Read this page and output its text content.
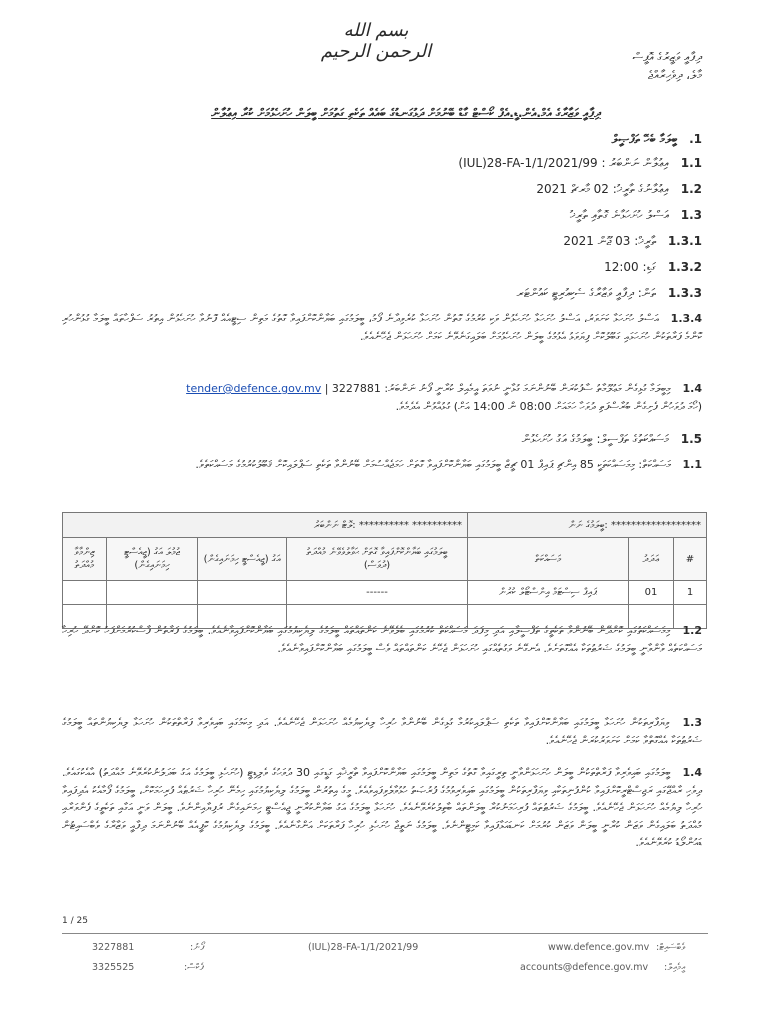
بسم الله الرحمن الرحيم	ދިފާއީ ވަޒީރުގެ އޮފީސް
މާލެ، ދިވެހިރާއްޖެ
ދިފާއީ ވަޒާރާގެ އެމް.އެން.ޑީ.އެފް ކޯސްޓް ގާޑް ބޭނުމަށް ދަޅުގަނޑުގެ ބައެއް ތަކެތި ގަތުމަށް ބީލަން ހުށަހެޅުމަށް ކުރާ އިޢުލާން
1. ބީލަމާ ބެހޭ ތަފްޞީލް
1.1 އިޢުލާން ނަންބަރު : (IUL)28-FA-1/1/2021/99
1.2 އިޢުލާނުގެ ތާރީޚު: 02 މާރޗް 2021
1.3 އަސްލު ހުށަހަޅާނެ ގޮތާއި ތާރީޚު
1.3.1 ތާރީޚް: 03 ޖޫން 2021
1.3.2 ގަޑި: 12:00
1.3.3 ތަން: ދިފާއީ ވަޒާރާގެ ސެކިއުރިޓީ ކައުންޓަރ
1.3.4 އަސްލު ހުށަހަޅާ ކަށަވަރު، އަސްލު ހުށަހަޅާ ހުށަހެޅުން ވަކި ކުރުމުގެ ގޮތުން ހުށަހަޅާ ކުރެވިދާނެ ފޯމު، ބީލަމުގައި ބަޔާންކޮށްފައިވާ ގޮތުގެ މަތިން ސިޓީއެއް ފޮނުވާ ހުށަހެޅުން އިތުރު ސަފްހާތައް ބީލަމާ ގުޅުންހުރި ކޮންމެ ފަރާތަކުން ހުށަހަޅައި ގަބޫލުކޮށް ފިޔަވަޅު އެޅުމުގެ ބީލަން ހުށަހެޅުމަށް ބަލައިގަނެވޭނެ ކަމަށް ހުށަހަޅަން ޖެހޭނެއެވެ.
1.4 މިބީލަމާ ގުޅިގެން މަޢުލޫމާތު ސާފުކުރަން ބޭނުންނަމަ ގުޅާނީ ނުވަތަ އީމެއިލް ކުރާނީ ފޯނު ނަންބަރު: 3227881 | tender@defence.gov.mv
(ހޯމަ ދުވަހުން ފެށިގެން ބުރާސްފަތި ދުވަހާ ހަމައަށް 08:00 ން 14:00 އަށް) ގުޅުއްވުން އެދެމެވެ.
1.5 މަސައްކަތުގެ ތަފްސީލް: ބީލަމުގެ އަގު ހުށަހެޅުން
1.1 މަސައްކަތް: މިމަސައްކަތަކީ 85 އިންޗި ޕައިޕް 01 ޗީޒް ބީލަމުގައި ބަޔާންކޮށްފައިވާ ގޮތަށް ހަމަޖެއްސުމަށް ބޭނުންވާ ތަކެތި ސަޕްލައިކޮށް ޤަބޫލުކުރުމުގެ މަސައްކަތެވެ.
****************** :ބީލަމުގެ ނަން			********** ********** :ލޮޓް ނަންބަރު			
#	ޢަދަދު	މަސައްކަތް	ބީލަމުގައި ބަޔާންކޮށްފައިވާ ގޮތަށް ޙަވާލުވެވޭނެ މުއްދަތު (ދުވަސް)	އަގު (ޖީއެސްޓީ ހިމަނައިގެން)	ޖުމުލަ އަގު (ޖީއެސްޓީ ހިމަނައިގެން)	ޒިންމާވާ މުއްދަތު
1	01	ޕައިޕް ސިސްޓަމް އިންސްޓޯލް ކުރުން	------			

1.2 މިމަސައްކަތުގައި ކޮށްދޭން ބޭނުންވާ ތަކެތީގެ ތަފްސީލާއި އަދި މިފަދަ މަސައްކަތް ކުރުމުގައި ބެލެވޭނެ ކަންތައްތައް ބީލަމުގެ ލިޔެކިޔުމުގައި ބަޔާންކޮށްފައިވާނެއެވެ. ބީލަމުގެ ފަރާތުން ފާސްކުރުމަށްފަހު ކޮށްދޭ ހުރިހާ މަސައްކަތެއް ވާންވާނީ ބީލަމުގެ ޝަރުޠުތަކާ އެއްގޮތަށެވެ. އެނގޭނެ ވަގުތެއްގައި ހުށަހަޅަން ޖެހޭނެ ކަންތައްތައް ވެސް ބީލަމުގައި ބަޔާންކޮށްފައިވާނެއެވެ.
1.3 ވިޔަފާރިތަކުން ހުށަހަޅާ ބީލަމުގައި ބަޔާންކޮށްފައިވާ ތަކެތި ސަޕްލައިކުރުމާ ގުޅިގެން ބޭނުންވާ ހުރިހާ ލިޔެކިޔުމެއް ހުށަހަޅަން ޖެހޭނެއެވެ. އަދި މިކަމުގައި ބައިވެރިވާ ފަރާތްތަކުން ހުށަހަޅާ ލިޔެކިޔުންތައް ބީލަމުގެ ޝަރުޠުތަކާ އެއްގޮތްވާ ކަމަށް ކަށަވަރުކުރަން ޖެހޭނެއެވެ.
1.4 ބީލަމުގައި ބައިވެރިވާ ފަރާތްތަކުން ބީލަން ހުށަހަޅަންވާނީ ތިރީގައިވާ ގޮތުގެ މަތިން ބީލަމުގައި ބަޔާންކޮށްފައިވާ ތާރީޚާއި ގަޑީގައި 30 ދުވަހުގެ ވެލިޑިޓީ (ހުށަހެޅި ބީލަމުގެ އަގު ބަދަލުނުކުރެވޭނެ މުއްދަތު) އާއެކުގައެވެ. ދިވެހި ރާއްޖޭގައި ރަޖިސްޓްރީކޮށްފައިވާ ކުންފުނިތަކާއި ވިޔަފާރިތަކުން ބީލަމުގައި ބައިވެރިވުމުގެ ފުރުޞަތު ހުޅުވާލެވިފައިވެއެވެ. މީގެ އިތުރުން ބީލަމުގެ ލިޔެކިޔުމުގައި ހިމެނޭ ހުރިހާ ޝަރުޠެއް ފުރިހަމަކޮށް، ބީލަމުގެ ފޯމާއެކު އެދިފައިވާ ހުރިހާ ލިޔުމެއް ހުށަހަޅަން ޖެހޭނެއެވެ. ބީލަމުގެ ޝަރުޠުތައް ފުރިހަމަނުކުރާ ބީލަންތައް ބާތިލުކުރެވޭނެއެވެ. ހުށަހަޅާ ބީލަމުގެ އަގު ބަޔާންކުރާނީ ޖީއެސްޓީ ހިމަނައިގެން ރުފިޔާއިންނެވެ. ބީލަން ވަނީ އަގާއި ތަކެތީގެ ފެންވަރާއި މުއްދަތު ބަލައިގެން ވަޒަން ކުރާނީ ބީލަން ވަޒަން ކުރުމަށް ކަނޑައަޅާފައިވާ ކަމިޓީންނެވެ. ބީލަމުގެ ނަތީޖާ ހުށަހެޅި ހުރިހާ ފަރާތަކަށް އަންގާނެއެވެ. ބީލަމުގެ ލިޔެކިޔުމުގެ ކޮޕީއެއް ބޭނުންނަމަ ދިފާއީ ވަޒާރާގެ ވެބްސައިޓުން ޑައުންލޯޑު ކުރެވޭނެއެވެ.
1 / 25
3227881	ފޯނު:
3325525	ފެކްސް:
(IUL)28-FA-1/1/2021/99	www.defence.gov.mv ވެބްސައިޓް:
accounts@defence.gov.mv އީމެއިލް:
